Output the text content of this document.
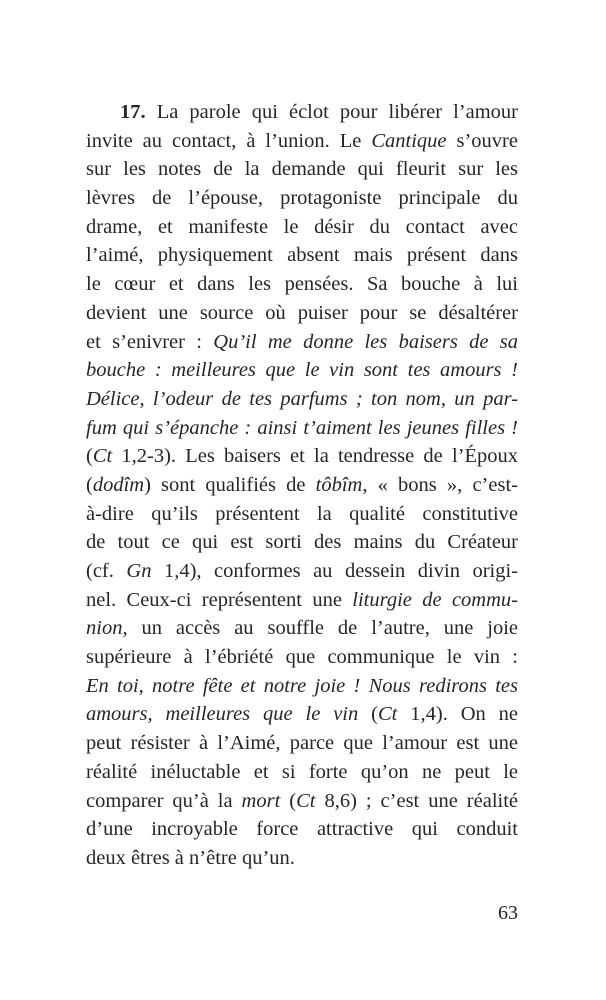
17. La parole qui éclot pour libérer l’amour
invite au contact, à l’union. Le Cantique s’ouvre
sur les notes de la demande qui fleurit sur les
lèvres de l’épouse, protagoniste principale du
drame, et manifeste le désir du contact avec
l’aimé, physiquement absent mais présent dans
le cœur et dans les pensées. Sa bouche à lui
devient une source où puiser pour se désaltérer
et s’enivrer : Qu’il me donne les baisers de sa
bouche : meilleures que le vin sont tes amours !
Délice, l’odeur de tes parfums ; ton nom, un par-
fum qui s’épanche : ainsi t’aiment les jeunes filles !
(Ct 1,2-3). Les baisers et la tendresse de l’Époux
(dodîm) sont qualifiés de tôbîm, « bons », c’est-
à-dire qu’ils présentent la qualité constitutive
de tout ce qui est sorti des mains du Créateur
(cf. Gn 1,4), conformes au dessein divin origi-
nel. Ceux-ci représentent une liturgie de commu-
nion, un accès au souffle de l’autre, une joie
supérieure à l’ébriété que communique le vin :
En toi, notre fête et notre joie ! Nous redirons tes
amours, meilleures que le vin (Ct 1,4). On ne
peut résister à l’Aimé, parce que l’amour est une
réalité inéluctable et si forte qu’on ne peut le
comparer qu’à la mort (Ct 8,6) ; c’est une réalité
d’une incroyable force attractive qui conduit
deux êtres à n’être qu’un.
63
